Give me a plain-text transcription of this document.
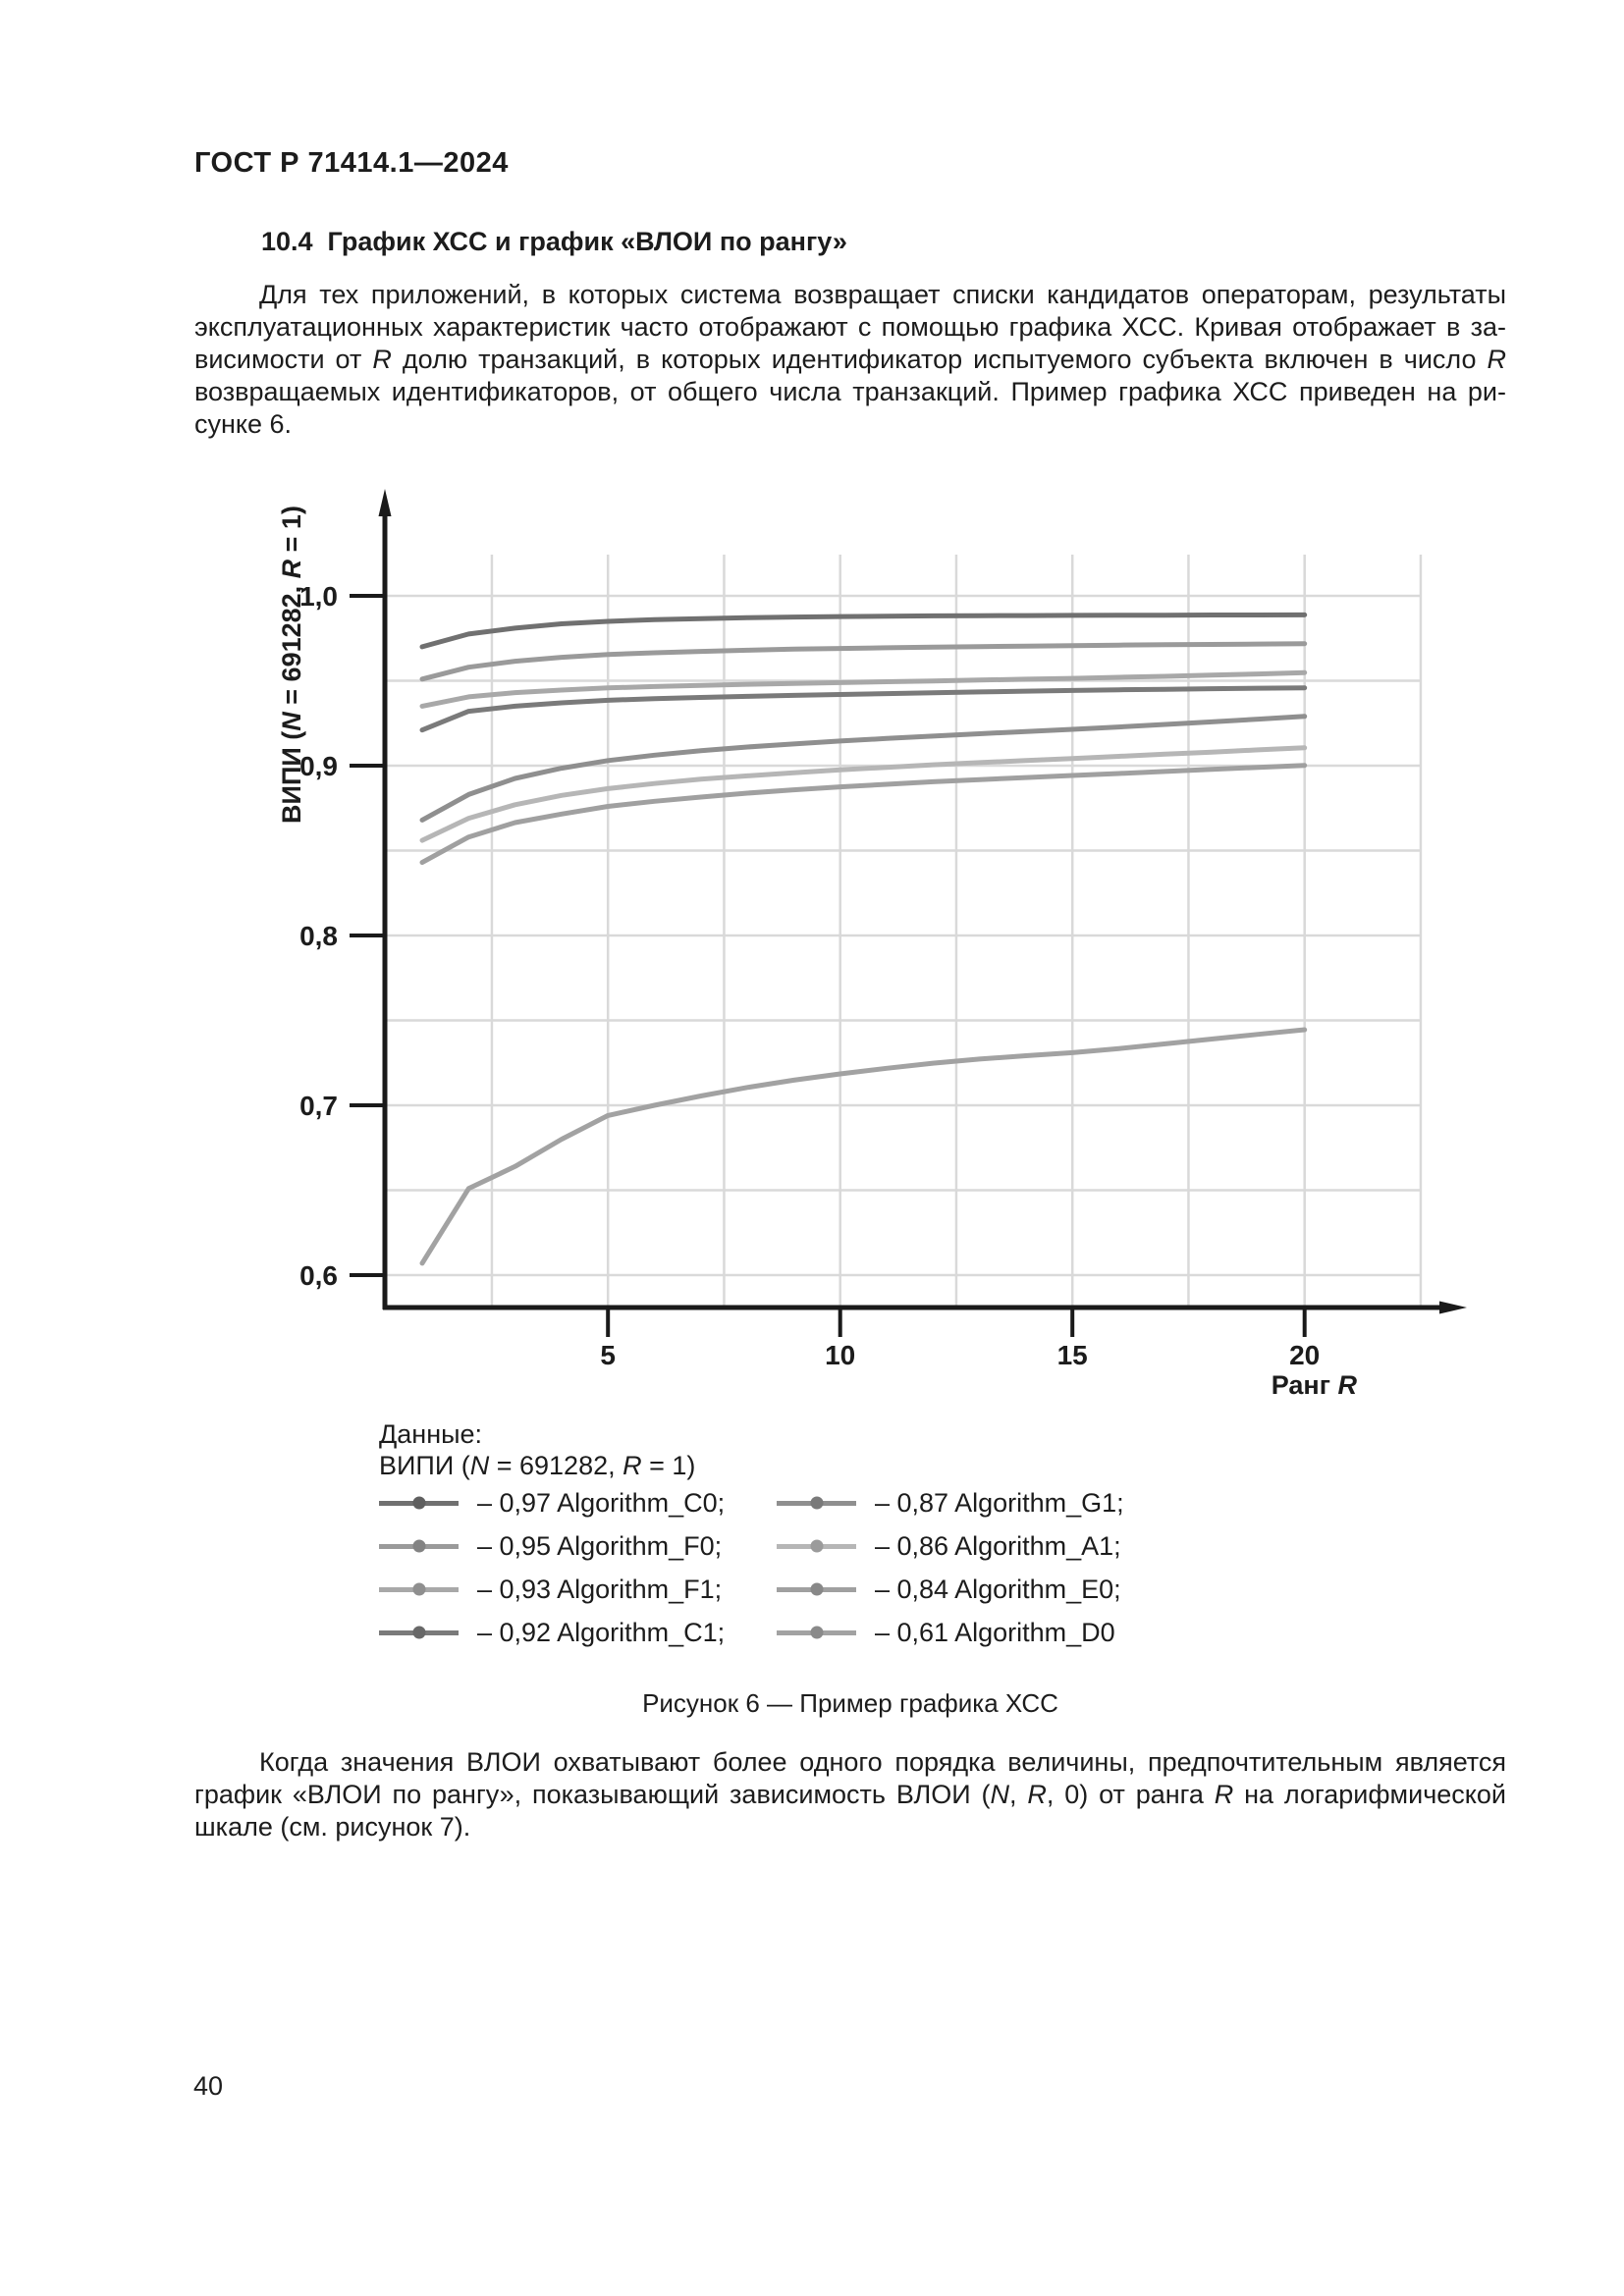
ГОСТ Р 71414.1—2024
10.4  График ХСС и график «ВЛОИ по рангу»
Для тех приложений, в которых система возвращает списки кандидатов операторам, результаты
эксплуатационных характеристик часто отображают с помощью графика ХСС. Кривая отображает в за-
висимости от R долю транзакций, в которых идентификатор испытуемого субъекта включен в число R
возвращаемых идентификаторов, от общего числа транзакций. Пример графика ХСС приведен на ри-
сунке 6.
1,0
0,9
0,8
0,7
0,6
5	10	15	20
Ранг R
ВИПИ (N = 691282, R = 1)
Данные:
ВИПИ (N = 691282, R = 1)
– 0,97 Algorithm_C0;
– 0,95 Algorithm_F0;
– 0,93 Algorithm_F1;
– 0,92 Algorithm_C1;
– 0,87 Algorithm_G1;
– 0,86 Algorithm_A1;
– 0,84 Algorithm_E0;
– 0,61 Algorithm_D0
Рисунок 6 — Пример графика ХСС
Когда значения ВЛОИ охватывают более одного порядка величины, предпочтительным является
график «ВЛОИ по рангу», показывающий зависимость ВЛОИ (N, R, 0) от ранга R на логарифмической
шкале (см. рисунок 7).
40
